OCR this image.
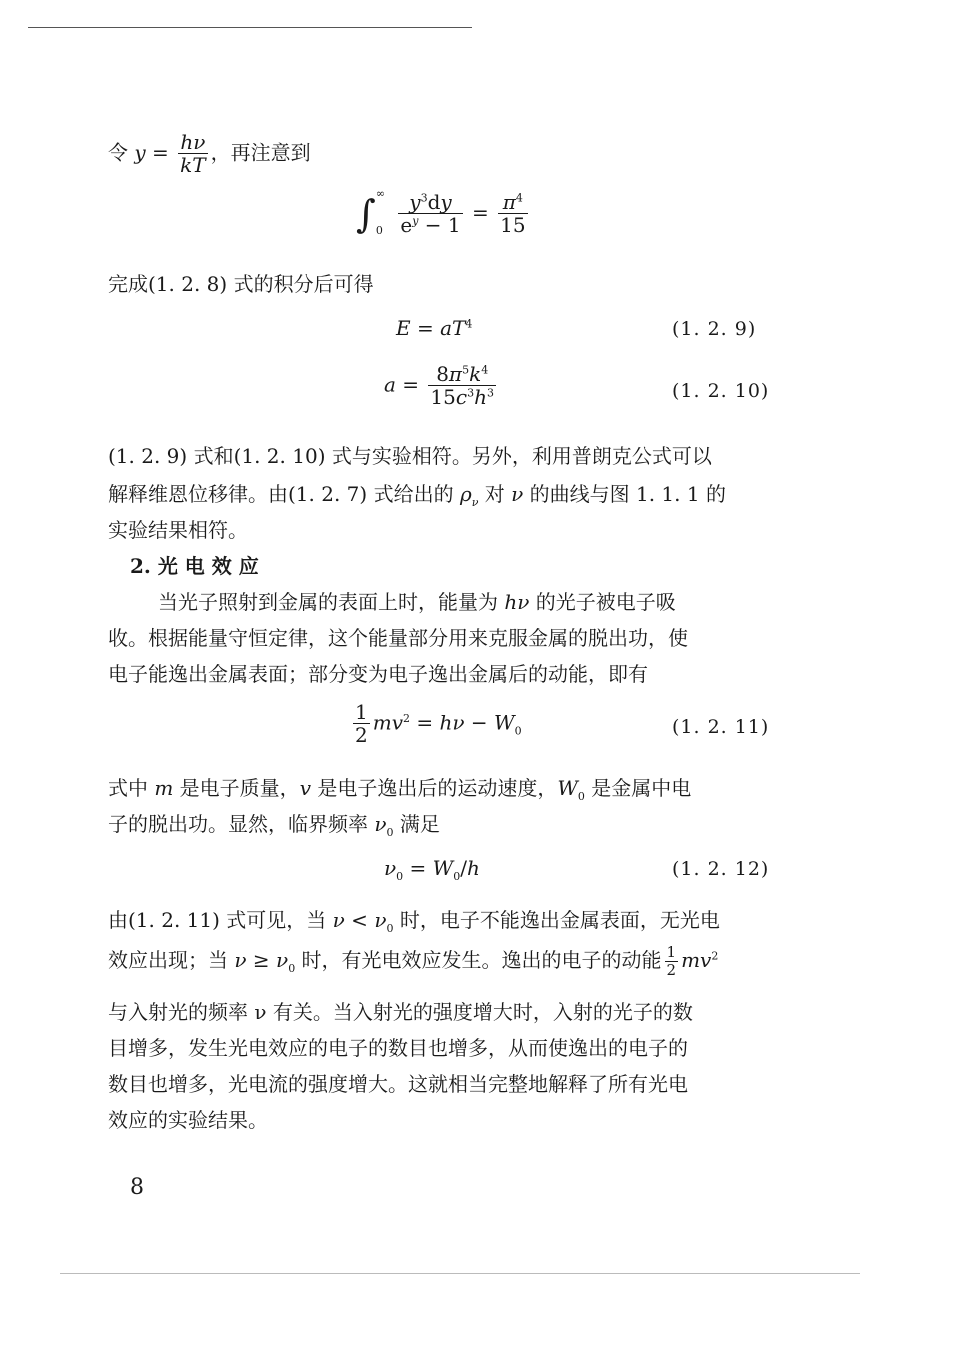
令 $y = \frac{h\nu}{kT}$ ，再注意到
∫ ∞
0
$\frac{y^3dy}{e^y - 1} = \frac{\pi^4}{15}$
完成(1. 2. 8) 式的积分后可得
$E = aT^4$	(1. 2. 9)
$a = \frac{8\pi^5k^4}{15c^3h^3}$	(1. 2. 10)
(1. 2. 9) 式和(1. 2. 10) 式与实验相符。另外，利用普朗克公式可以
解释维恩位移律。由(1. 2. 7) 式给出的 $\rho_\nu$ 对 ν 的曲线与图 1. 1. 1 的
实验结果相符。
2. 光 电 效 应
当光子照射到金属的表面上时，能量为 hν 的光子被电子吸
收。根据能量守恒定律，这个能量部分用来克服金属的脱出功，使
电子能逸出金属表面；部分变为电子逸出金属后的动能，即有
$\frac{1}{2} mv^2 = h\nu - W_0$	(1. 2. 11)
式中 m 是电子质量，v 是电子逸出后的运动速度，$W_0$ 是金属中电
子的脱出功。显然，临界频率 $\nu_0$ 满足
$\nu_0 = W_0/h$	(1. 2. 12)
由(1. 2. 11) 式可见，当 $\nu < \nu_0$ 时，电子不能逸出金属表面，无光电
效应出现；当 $\nu \ge \nu_0$ 时，有光电效应发生。逸出的电子的动能 $\frac{1}{2} mv^2$
与入射光的频率 ν 有关。当入射光的强度增大时，入射的光子的数
目增多，发生光电效应的电子的数目也增多，从而使逸出的电子的
数目也增多，光电流的强度增大。这就相当完整地解释了所有光电
效应的实验结果。
8
